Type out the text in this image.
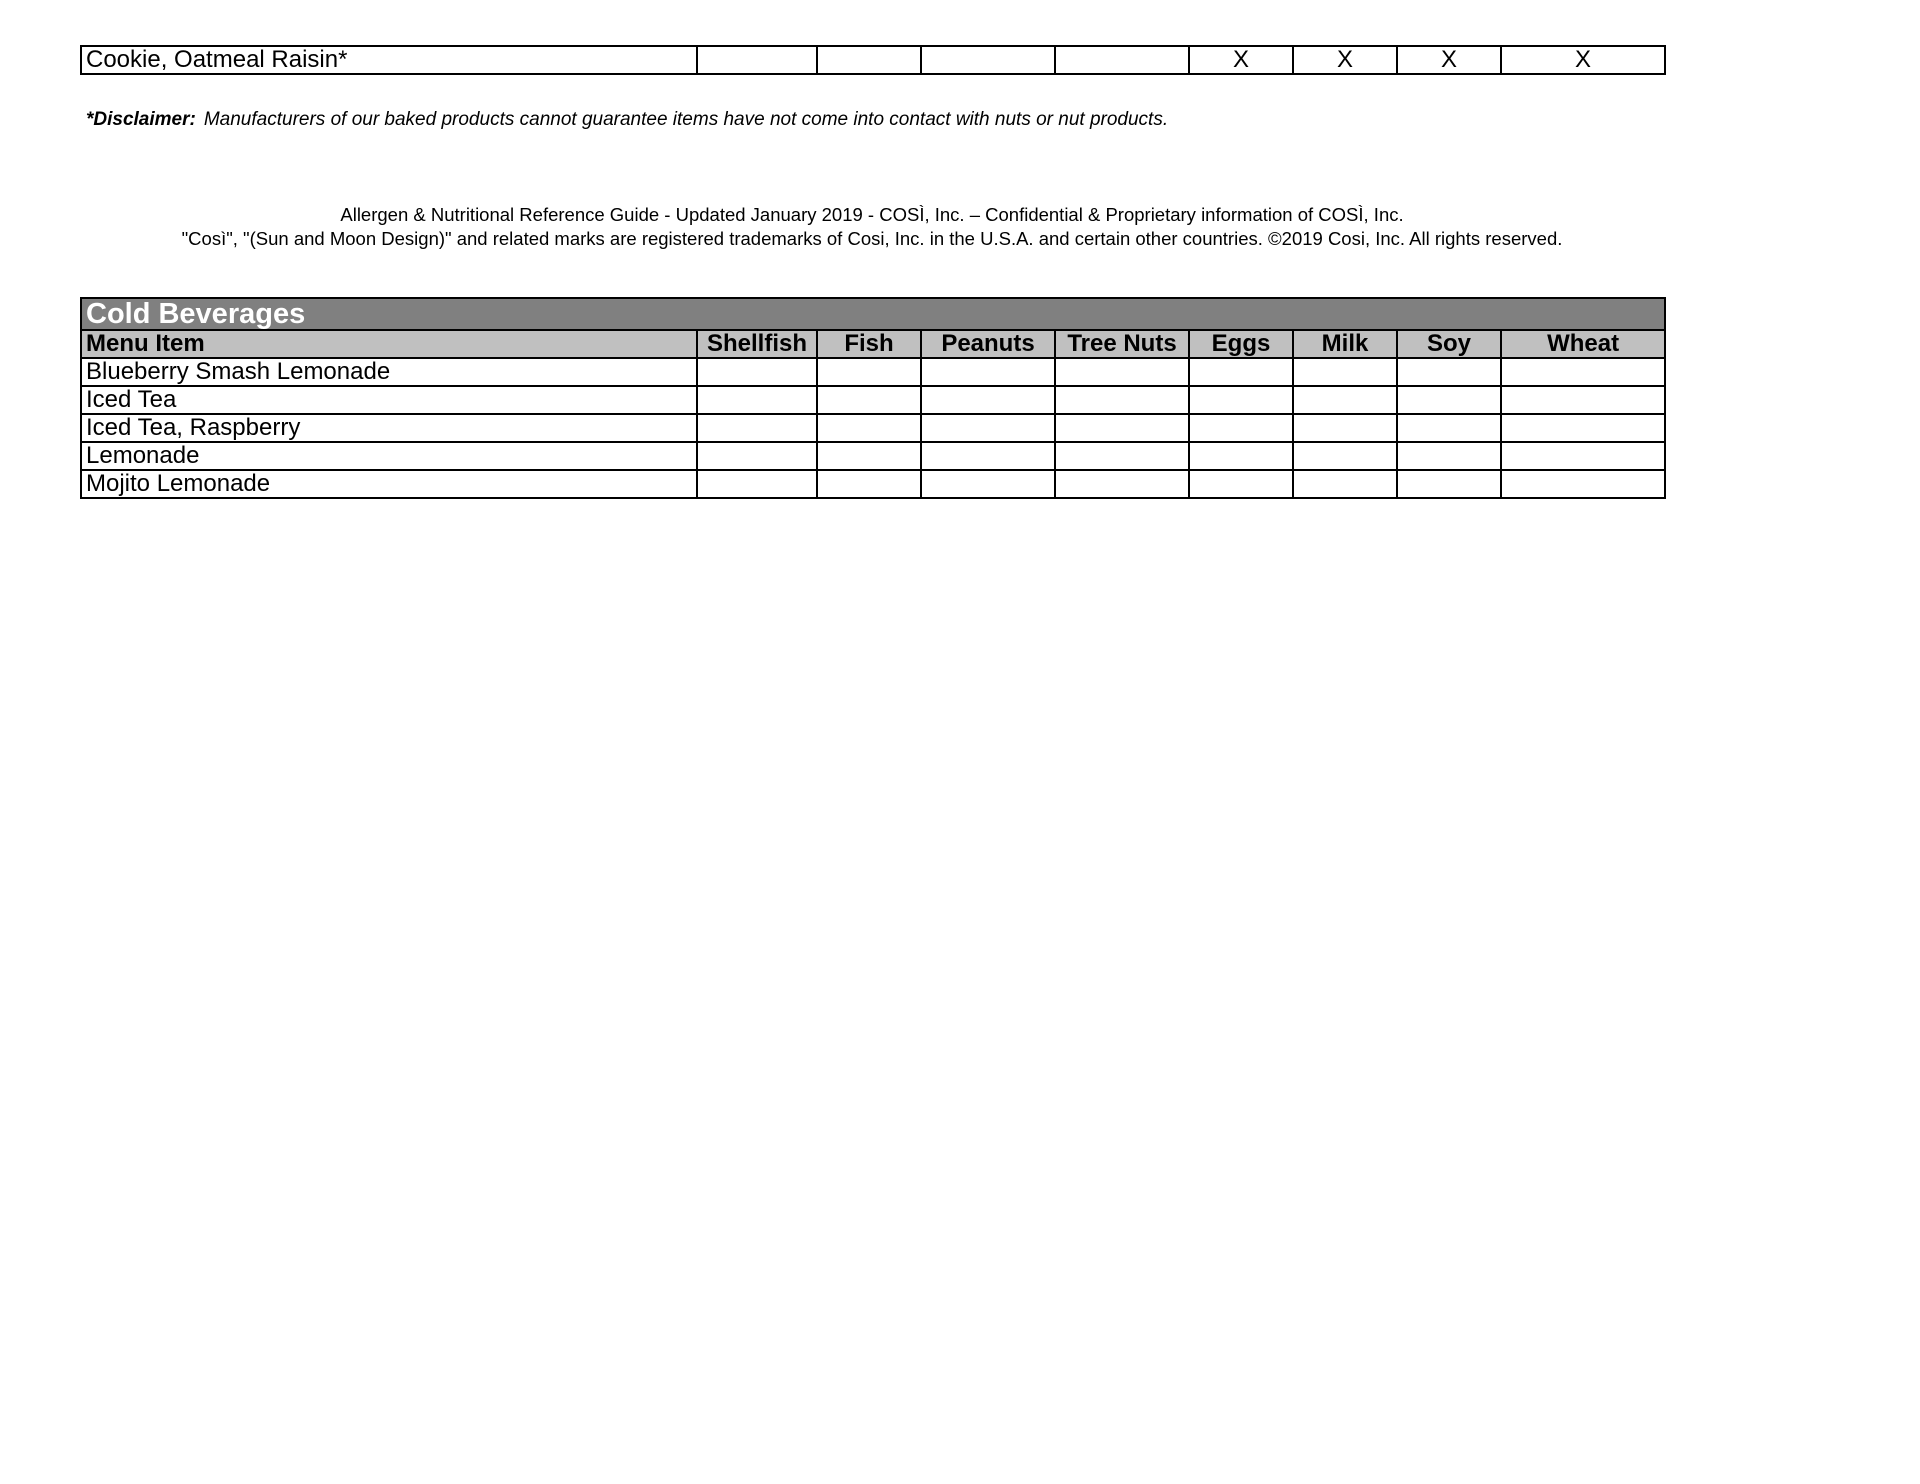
Cookie, Oatmeal Raisin*					X	X	X	X
*Disclaimer: Manufacturers of our baked products cannot guarantee items have not come into contact with nuts or nut products.
Allergen & Nutritional Reference Guide - Updated January 2019 - COSÌ, Inc. – Confidential & Proprietary information of COSÌ, Inc.
"Così", "(Sun and Moon Design)" and related marks are registered trademarks of Cosi, Inc. in the U.S.A. and certain other countries. ©2019 Cosi, Inc. All rights reserved.
Cold Beverages								
Menu Item	Shellfish	Fish	Peanuts	Tree Nuts	Eggs	Milk	Soy	Wheat
Blueberry Smash Lemonade								
Iced Tea								
Iced Tea, Raspberry								
Lemonade								
Mojito Lemonade								
